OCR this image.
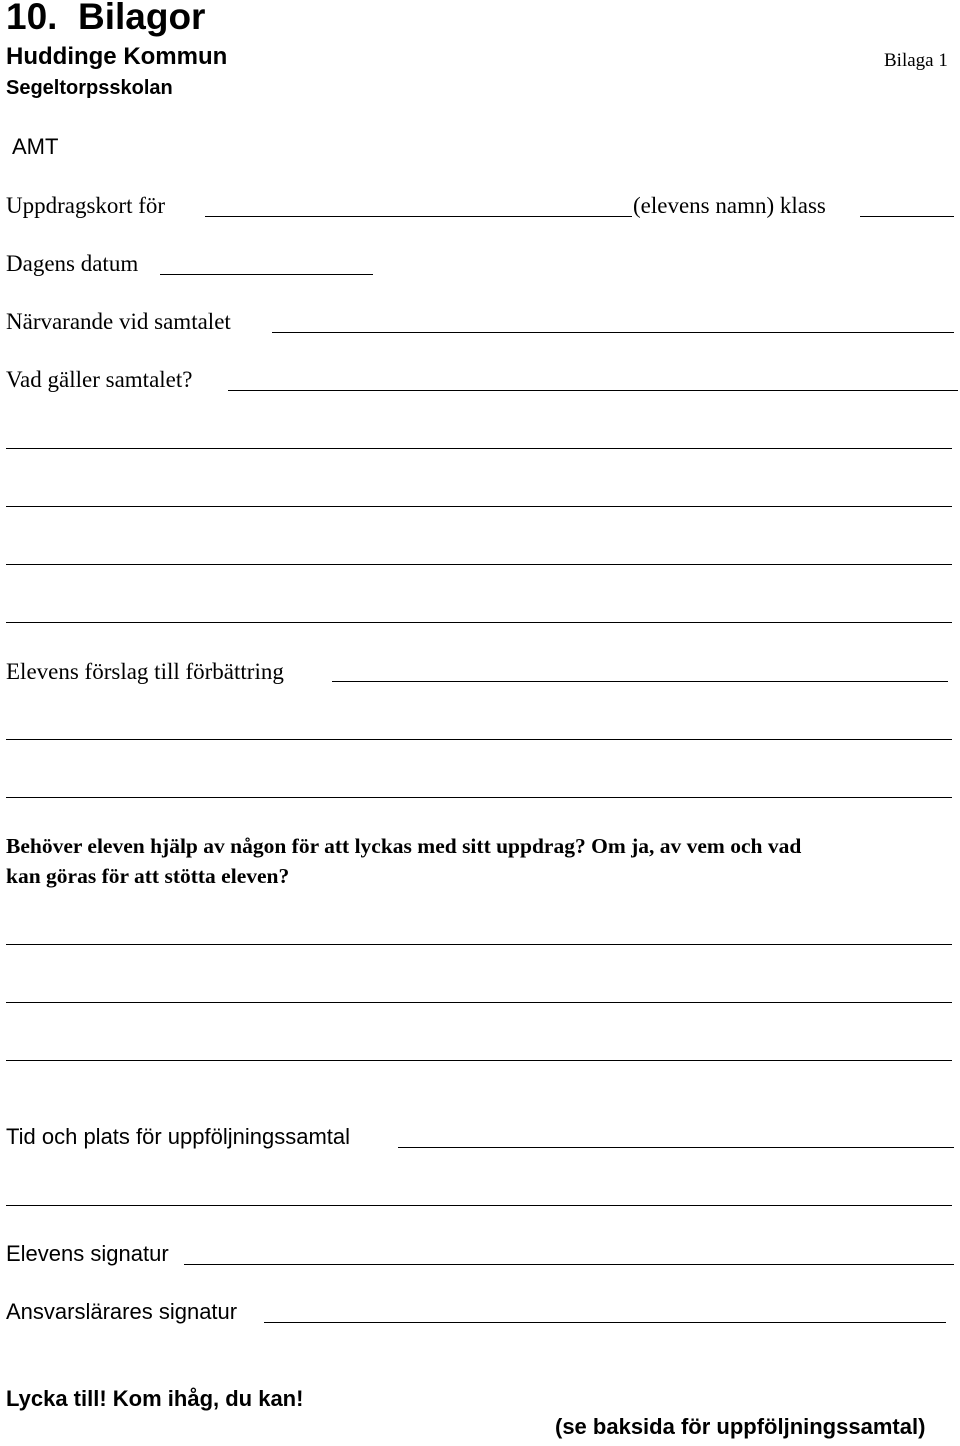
10. Bilagor
Huddinge Kommun	Bilaga 1
Segeltorpsskolan
AMT
Uppdragskort för	(elevens namn) klass
Dagens datum
Närvarande vid samtalet
Vad gäller samtalet?
Elevens förslag till förbättring
Behöver eleven hjälp av någon för att lyckas med sitt uppdrag? Om ja, av vem och vad
kan göras för att stötta eleven?
Tid och plats för uppföljningssamtal
Elevens signatur
Ansvarslärares signatur
Lycka till! Kom ihåg, du kan!
(se baksida för uppföljningssamtal)
